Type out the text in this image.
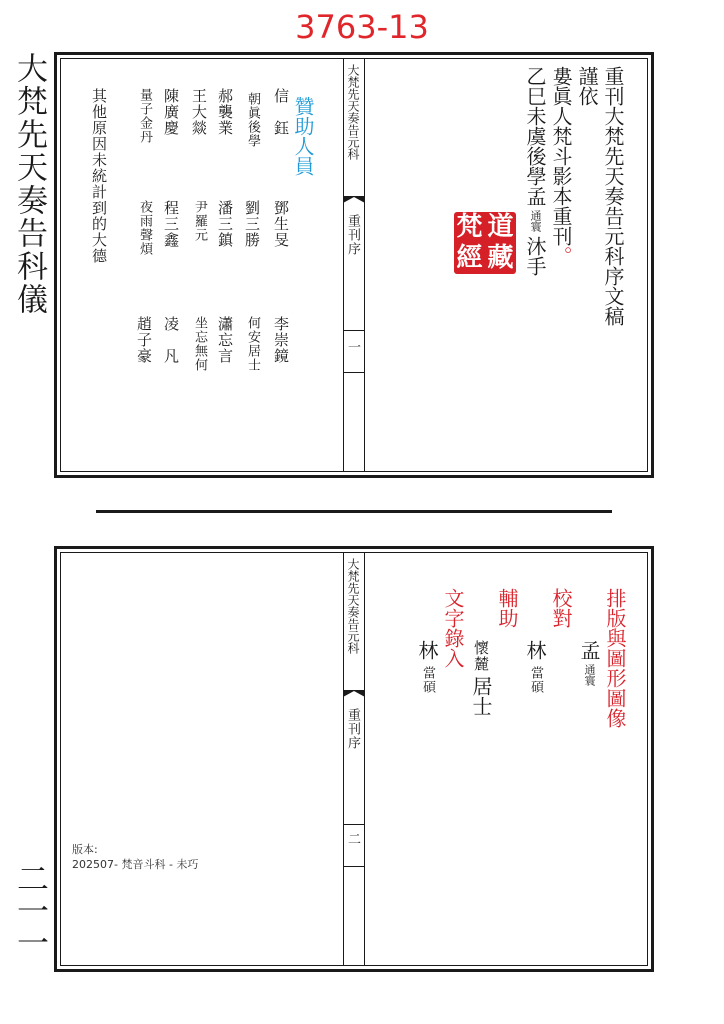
3763-13
大梵先天奏告科儀
二一一
大梵先天奏告元科
重刊序
一
重刊大梵先天奏告元科序文稿
謹依
婁眞人梵斗影本重刊。
乙巳未虞後學孟通寰沐手
梵 道
經 藏
贊助人員
信　鈺
鄧生旻
李崇鏡
朝眞後學
劉三勝
何安居士
郝襲業
潘三鎮
瀟忘言
王大燚
尹羅元
坐忘無何
陳廣慶
程三鑫
凌　凡
量子金丹
夜雨聲煩
趙子豪
其他原因未統計到的大德
大梵先天奏告元科
重刊序
二
排版與圖形圖像
孟通寰
校對
林當碩
輔助
懷麓居士
文字錄入
林當碩
版本:
202507- 梵音斗科 - 未巧
